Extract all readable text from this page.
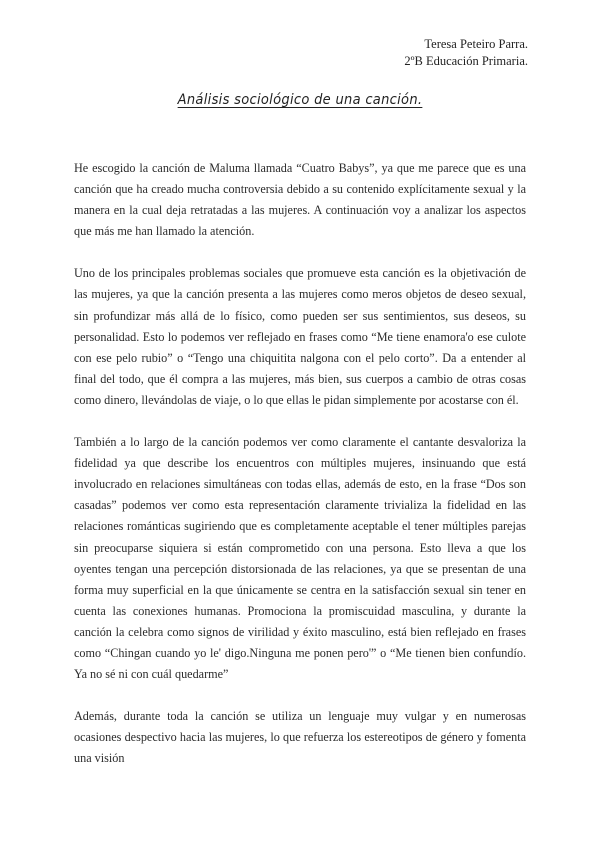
Teresa Peteiro Parra.
2ºB Educación Primaria.
Análisis sociológico de una canción.

He escogido la canción de Maluma llamada “Cuatro Babys”, ya que me parece que es una canción que ha creado mucha controversia debido a su contenido explícitamente sexual y la manera en la cual deja retratadas a las mujeres. A continuación voy a analizar los aspectos que más me han llamado la atención.

Uno de los principales problemas sociales que promueve esta canción es la objetivación de las mujeres, ya que la canción presenta a las mujeres como meros objetos de deseo sexual, sin profundizar más allá de lo físico, como pueden ser sus sentimientos, sus deseos, su personalidad. Esto lo podemos ver reflejado en frases como “Me tiene enamora'o ese culote con ese pelo rubio” o “Tengo una chiquitita nalgona con el pelo corto”. Da a entender al final del todo, que él compra a las mujeres, más bien, sus cuerpos a cambio de otras cosas como dinero, llevándolas de viaje, o lo que ellas le pidan simplemente por acostarse con él.

También a lo largo de la canción podemos ver como claramente el cantante desvaloriza la fidelidad ya que describe los encuentros con múltiples mujeres, insinuando que está involucrado en relaciones simultáneas con todas ellas, además de esto, en la frase “Dos son casadas” podemos ver como esta representación claramente trivializa la fidelidad en las relaciones románticas sugiriendo que es completamente aceptable el tener múltiples parejas sin preocuparse siquiera si están comprometido con una persona. Esto lleva a que los oyentes tengan una percepción distorsionada de las relaciones, ya que se presentan de una forma muy superficial en la que únicamente se centra en la satisfacción sexual sin tener en cuenta las conexiones humanas. Promociona la promiscuidad masculina, y durante la canción la celebra como signos de virilidad y éxito masculino, está bien reflejado en frases como “Chingan cuando yo le' digo.Ninguna me ponen pero'” o “Me tienen bien confundío. Ya no sé ni con cuál quedarme”

Además, durante toda la canción se utiliza un lenguaje muy vulgar y en numerosas ocasiones despectivo hacia las mujeres, lo que refuerza los estereotipos de género y fomenta una visión
